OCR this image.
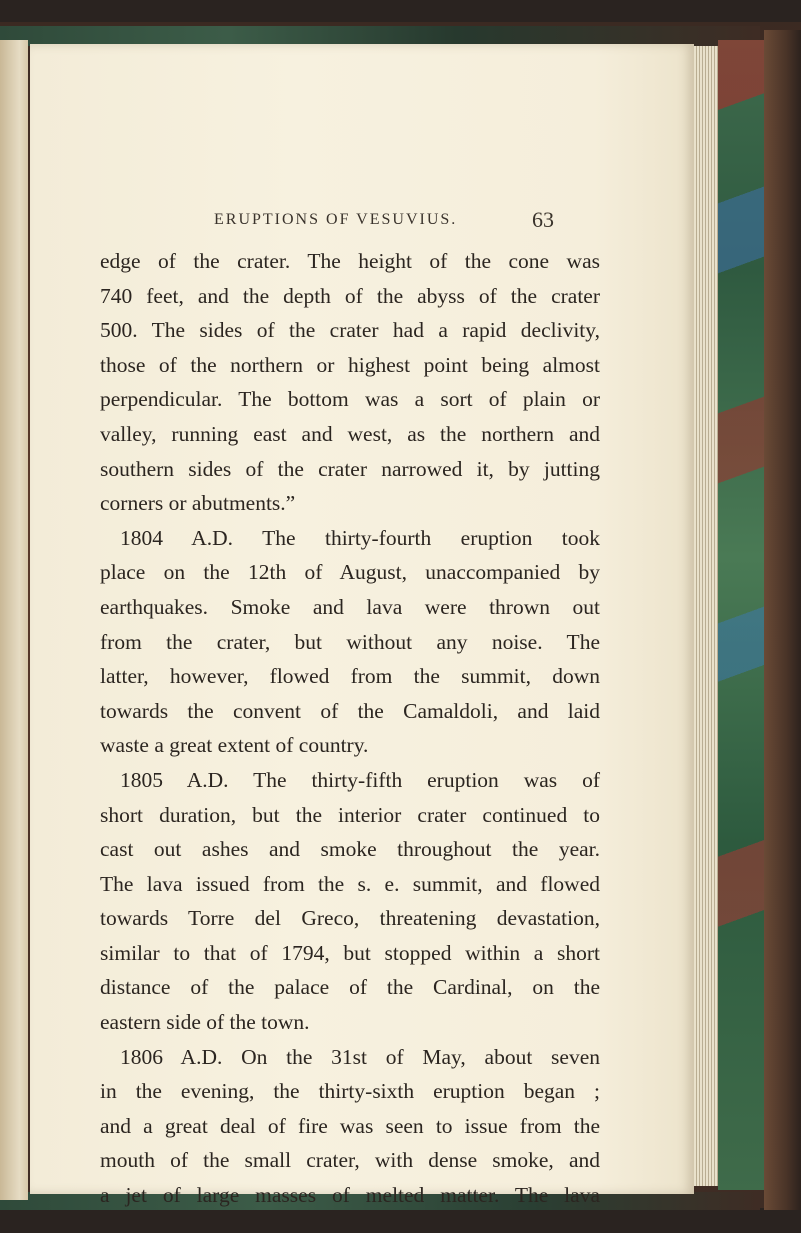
ERUPTIONS OF VESUVIUS.	63
edge of the crater. The height of the cone was
740 feet, and the depth of the abyss of the crater
500. The sides of the crater had a rapid declivity,
those of the northern or highest point being almost
perpendicular. The bottom was a sort of plain or
valley, running east and west, as the northern and
southern sides of the crater narrowed it, by jutting
corners or abutments.”
1804 A.D. The thirty-fourth eruption took
place on the 12th of August, unaccompanied by
earthquakes. Smoke and lava were thrown out
from the crater, but without any noise. The
latter, however, flowed from the summit, down
towards the convent of the Camaldoli, and laid
waste a great extent of country.
1805 A.D. The thirty-fifth eruption was of
short duration, but the interior crater continued to
cast out ashes and smoke throughout the year.
The lava issued from the s. e. summit, and flowed
towards Torre del Greco, threatening devastation,
similar to that of 1794, but stopped within a short
distance of the palace of the Cardinal, on the
eastern side of the town.
1806 A.D. On the 31st of May, about seven
in the evening, the thirty-sixth eruption began ;
and a great deal of fire was seen to issue from the
mouth of the small crater, with dense smoke, and
a jet of large masses of melted matter. The lava
